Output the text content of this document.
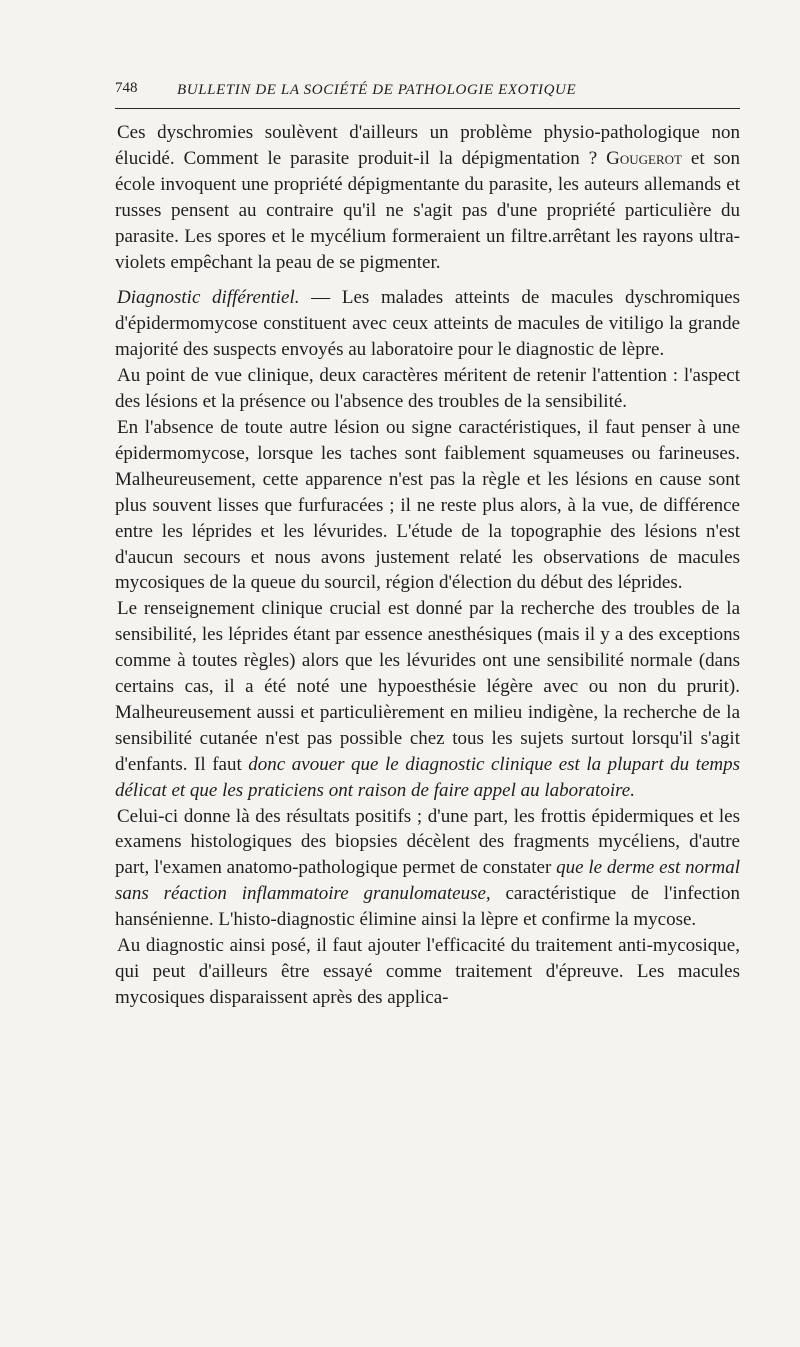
748	BULLETIN DE LA SOCIÉTÉ DE PATHOLOGIE EXOTIQUE

Ces dyschromies soulèvent d'ailleurs un problème physio-pathologique non élucidé. Comment le parasite produit-il la dépigmentation ? Gougerot et son école invoquent une propriété dépigmentante du parasite, les auteurs allemands et russes pensent au contraire qu'il ne s'agit pas d'une propriété particulière du parasite. Les spores et le mycélium formeraient un filtre.arrêtant les rayons ultra-violets empêchant la peau de se pigmenter.

Diagnostic différentiel. — Les malades atteints de macules dyschromiques d'épidermomycose constituent avec ceux atteints de macules de vitiligo la grande majorité des suspects envoyés au laboratoire pour le diagnostic de lèpre.

Au point de vue clinique, deux caractères méritent de retenir l'attention : l'aspect des lésions et la présence ou l'absence des troubles de la sensibilité.

En l'absence de toute autre lésion ou signe caractéristiques, il faut penser à une épidermomycose, lorsque les taches sont faiblement squameuses ou farineuses. Malheureusement, cette apparence n'est pas la règle et les lésions en cause sont plus souvent lisses que furfuracées ; il ne reste plus alors, à la vue, de différence entre les léprides et les lévurides. L'étude de la topographie des lésions n'est d'aucun secours et nous avons justement relaté les observations de macules mycosiques de la queue du sourcil, région d'élection du début des léprides.

Le renseignement clinique crucial est donné par la recherche des troubles de la sensibilité, les léprides étant par essence anesthésiques (mais il y a des exceptions comme à toutes règles) alors que les lévurides ont une sensibilité normale (dans certains cas, il a été noté une hypoesthésie légère avec ou non du prurit). Malheureusement aussi et particulièrement en milieu indigène, la recherche de la sensibilité cutanée n'est pas possible chez tous les sujets surtout lorsqu'il s'agit d'enfants. Il faut donc avouer que le diagnostic clinique est la plupart du temps délicat et que les praticiens ont raison de faire appel au laboratoire.

Celui-ci donne là des résultats positifs ; d'une part, les frottis épidermiques et les examens histologiques des biopsies décèlent des fragments mycéliens, d'autre part, l'examen anatomo-pathologique permet de constater que le derme est normal sans réaction inflammatoire granulomateuse, caractéristique de l'infection hansénienne. L'histo-diagnostic élimine ainsi la lèpre et confirme la mycose.

Au diagnostic ainsi posé, il faut ajouter l'efficacité du traitement anti-mycosique, qui peut d'ailleurs être essayé comme traitement d'épreuve. Les macules mycosiques disparaissent après des applica-
